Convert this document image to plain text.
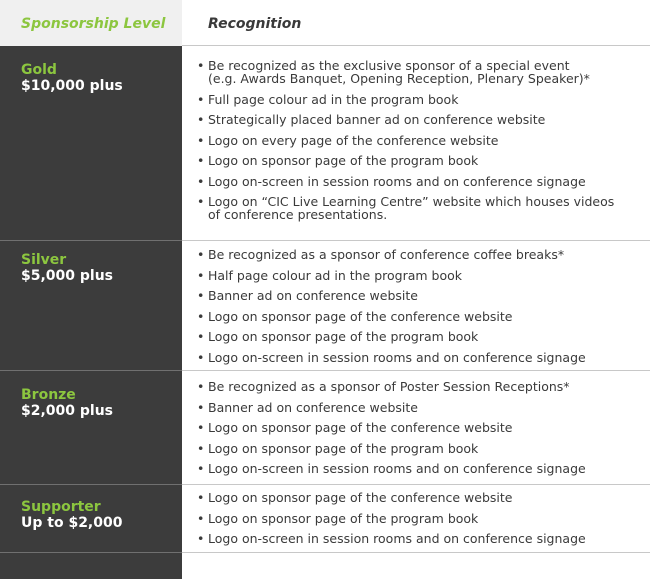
Sponsorship Level	Recognition
Gold
$10,000 plus
• Be recognized as the exclusive sponsor of a special event
(e.g. Awards Banquet, Opening Reception, Plenary Speaker)*
• Full page colour ad in the program book
• Strategically placed banner ad on conference website
• Logo on every page of the conference website
• Logo on sponsor page of the program book
• Logo on-screen in session rooms and on conference signage
• Logo on “CIC Live Learning Centre” website which houses videos
of conference presentations.
Silver
$5,000 plus
• Be recognized as a sponsor of conference coffee breaks*
• Half page colour ad in the program book
• Banner ad on conference website
• Logo on sponsor page of the conference website
• Logo on sponsor page of the program book
• Logo on-screen in session rooms and on conference signage
Bronze
$2,000 plus
• Be recognized as a sponsor of Poster Session Receptions*
• Banner ad on conference website
• Logo on sponsor page of the conference website
• Logo on sponsor page of the program book
• Logo on-screen in session rooms and on conference signage
Supporter
Up to $2,000
• Logo on sponsor page of the conference website
• Logo on sponsor page of the program book
• Logo on-screen in session rooms and on conference signage
